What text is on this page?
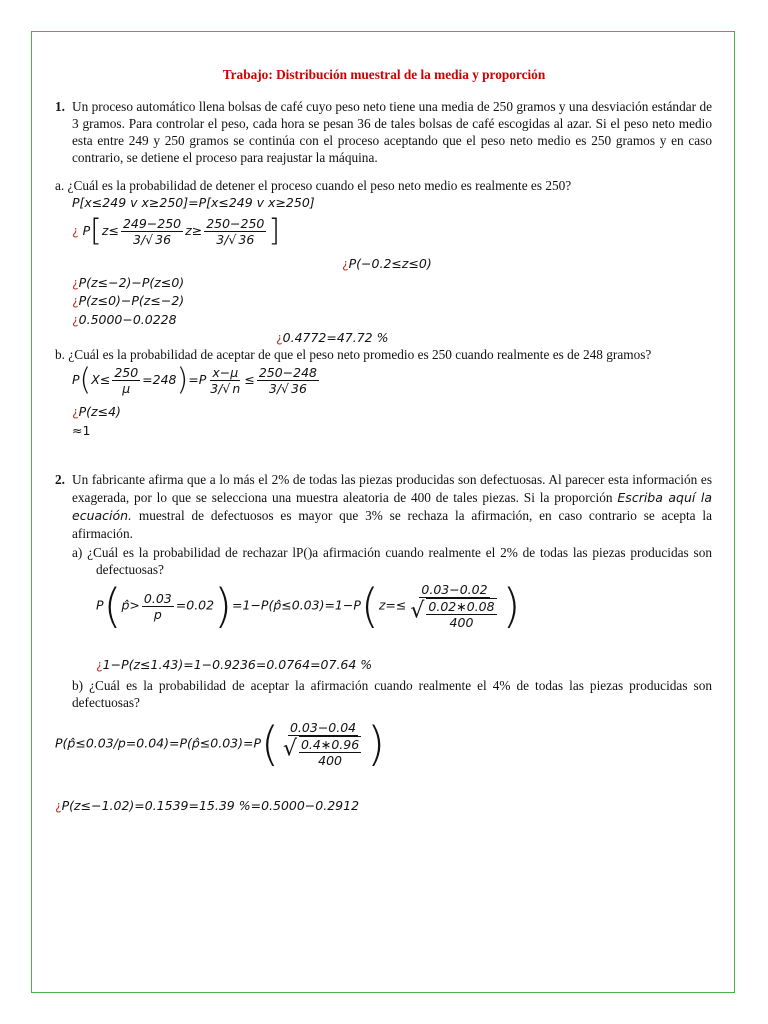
Trabajo: Distribución muestral de la media y proporción
1. Un proceso automático llena bolsas de café cuyo peso neto tiene una media de 250 gramos y una desviación estándar de 3 gramos. Para controlar el peso, cada hora se pesan 36 de tales bolsas de café escogidas al azar. Si el peso neto medio esta entre 249 y 250 gramos se continúa con el proceso aceptando que el peso neto medio es 250 gramos y en caso contrario, se detiene el proceso para reajustar la máquina.
a. ¿Cuál es la probabilidad de detener el proceso cuando el peso neto medio es realmente es 250?
P[x≤249 v x≥250]=P[x≤249 v x≥250]
¿ $P[z\le \frac{249-250}{3/√ 36} z\ge \frac{250-250}{3/√ 36}$ ]
¿P(−0.2≤z≤0)
¿P(z≤−2)−P(z≤0)
¿P(z≤0)−P(z≤−2)
¿0.5000−0.0228
¿0.4772=47.72 %
b. ¿Cuál es la probabilidad de aceptar de que el peso neto promedio es 250 cuando realmente es de 248 gramos?
$P(X\le \frac{250}{\mu} =248)=P \frac{x-\mu}{3/√ n} \le \frac{250-248}{3/√ 36}$
¿P(z≤4)
≈1
2. Un fabricante afirma que a lo más el 2% de todas las piezas producidas son defectuosas. Al parecer esta información es exagerada, por lo que se selecciona una muestra aleatoria de 400 de tales piezas. Si la proporción Escriba aquí la ecuación. muestral de defectuosos es mayor que 3% se rechaza la afirmación, en caso contrario se acepta la afirmación.
a) ¿Cuál es la probabilidad de rechazar lP()a afirmación cuando realmente el 2% de todas las piezas producidas son defectuosas?
P(p̂> $\frac{0.03}{p}$ =0.02)=1−P(p̂≤0.03)=1−P(z=≤ $\frac{0.03-0.02}{√ \frac{0.02∗0.08}{400}}$ )
¿1−P(z≤1.43)=1−0.9236=0.0764=07.64 %
b) ¿Cuál es la probabilidad de aceptar la afirmación cuando realmente el 4% de todas las piezas producidas son defectuosas?
P(p̂≤0.03/p=0.04)=P(p̂≤0.03)=P( $\frac{0.03-0.04}{√ \frac{0.4∗0.96}{400}}$ )
¿P(z≤−1.02)=0.1539=15.39 %=0.5000−0.2912
